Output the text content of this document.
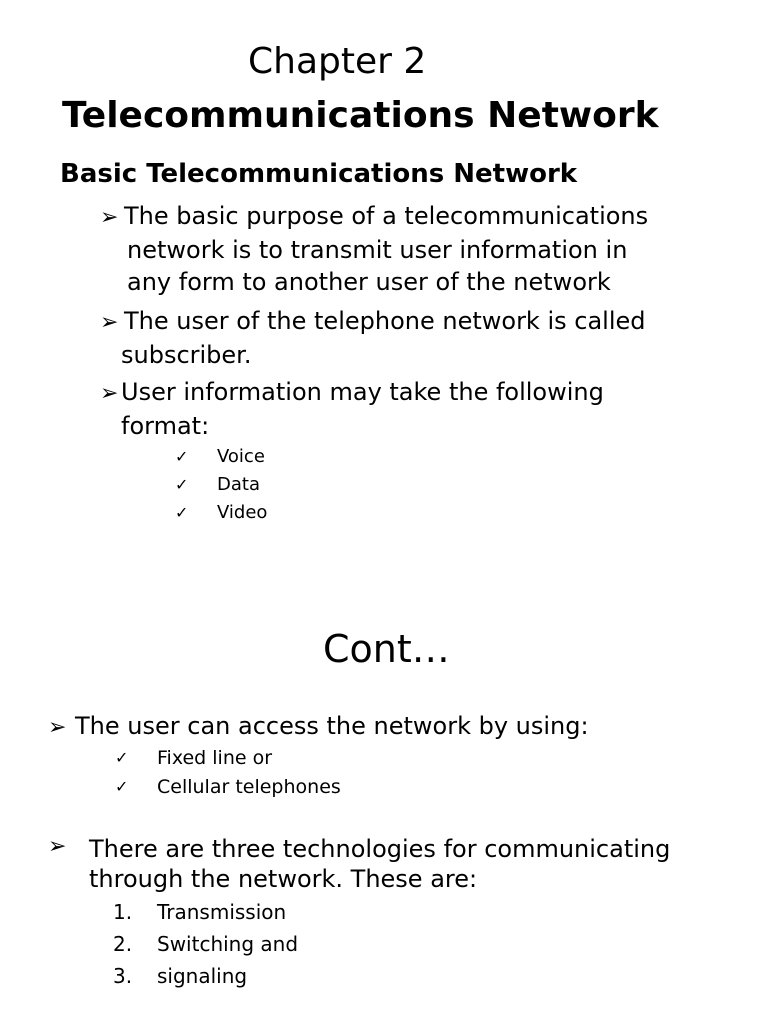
Chapter 2
Telecommunications Network
Basic Telecommunications Network
➢ The basic purpose of a telecommunications
network is to transmit user information in
any form to another user of the network
➢ The user of the telephone network is called
subscriber.
➢ User information may take the following
format:
✓ Voice
✓ Data
✓ Video
Cont…
➢ The user can access the network by using:
✓ Fixed line or
✓ Cellular telephones
➢ There are three technologies for communicating
through the network. These are:
1. Transmission
2. Switching and
3. signaling
